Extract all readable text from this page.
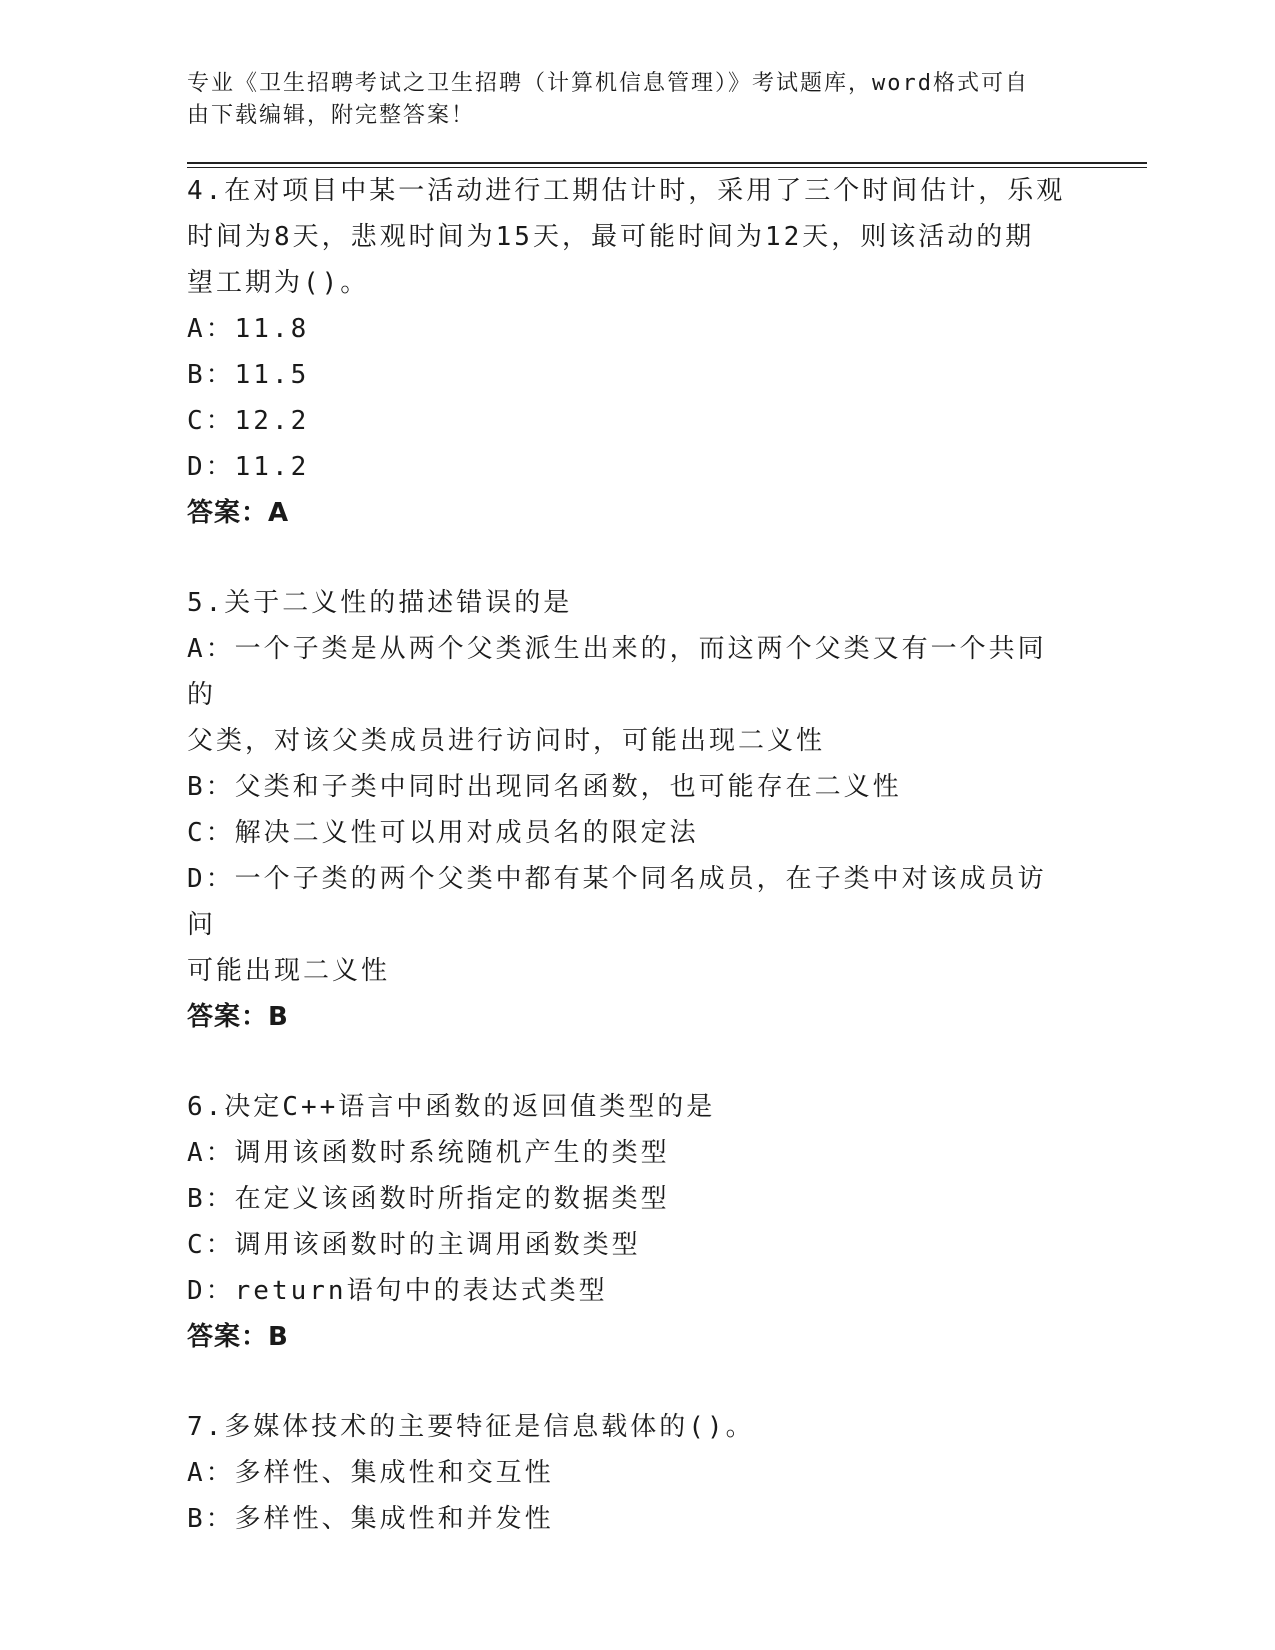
专业《卫生招聘考试之卫生招聘（计算机信息管理）》考试题库，word格式可自
由下载编辑，附完整答案！

4.在对项目中某一活动进行工期估计时，采用了三个时间估计，乐观

时间为8天，悲观时间为15天，最可能时间为12天，则该活动的期

望工期为()。

A：11.8

B：11.5

C：12.2

D：11.2

答案：A

5.关于二义性的描述错误的是

A：一个子类是从两个父类派生出来的，而这两个父类又有一个共同的

父类，对该父类成员进行访问时，可能出现二义性

B：父类和子类中同时出现同名函数，也可能存在二义性

C：解决二义性可以用对成员名的限定法

D：一个子类的两个父类中都有某个同名成员，在子类中对该成员访问

可能出现二义性

答案：B

6.决定C++语言中函数的返回值类型的是

A：调用该函数时系统随机产生的类型

B：在定义该函数时所指定的数据类型

C：调用该函数时的主调用函数类型

D：return语句中的表达式类型

答案：B

7.多媒体技术的主要特征是信息载体的()。

A：多样性、集成性和交互性

B：多样性、集成性和并发性
